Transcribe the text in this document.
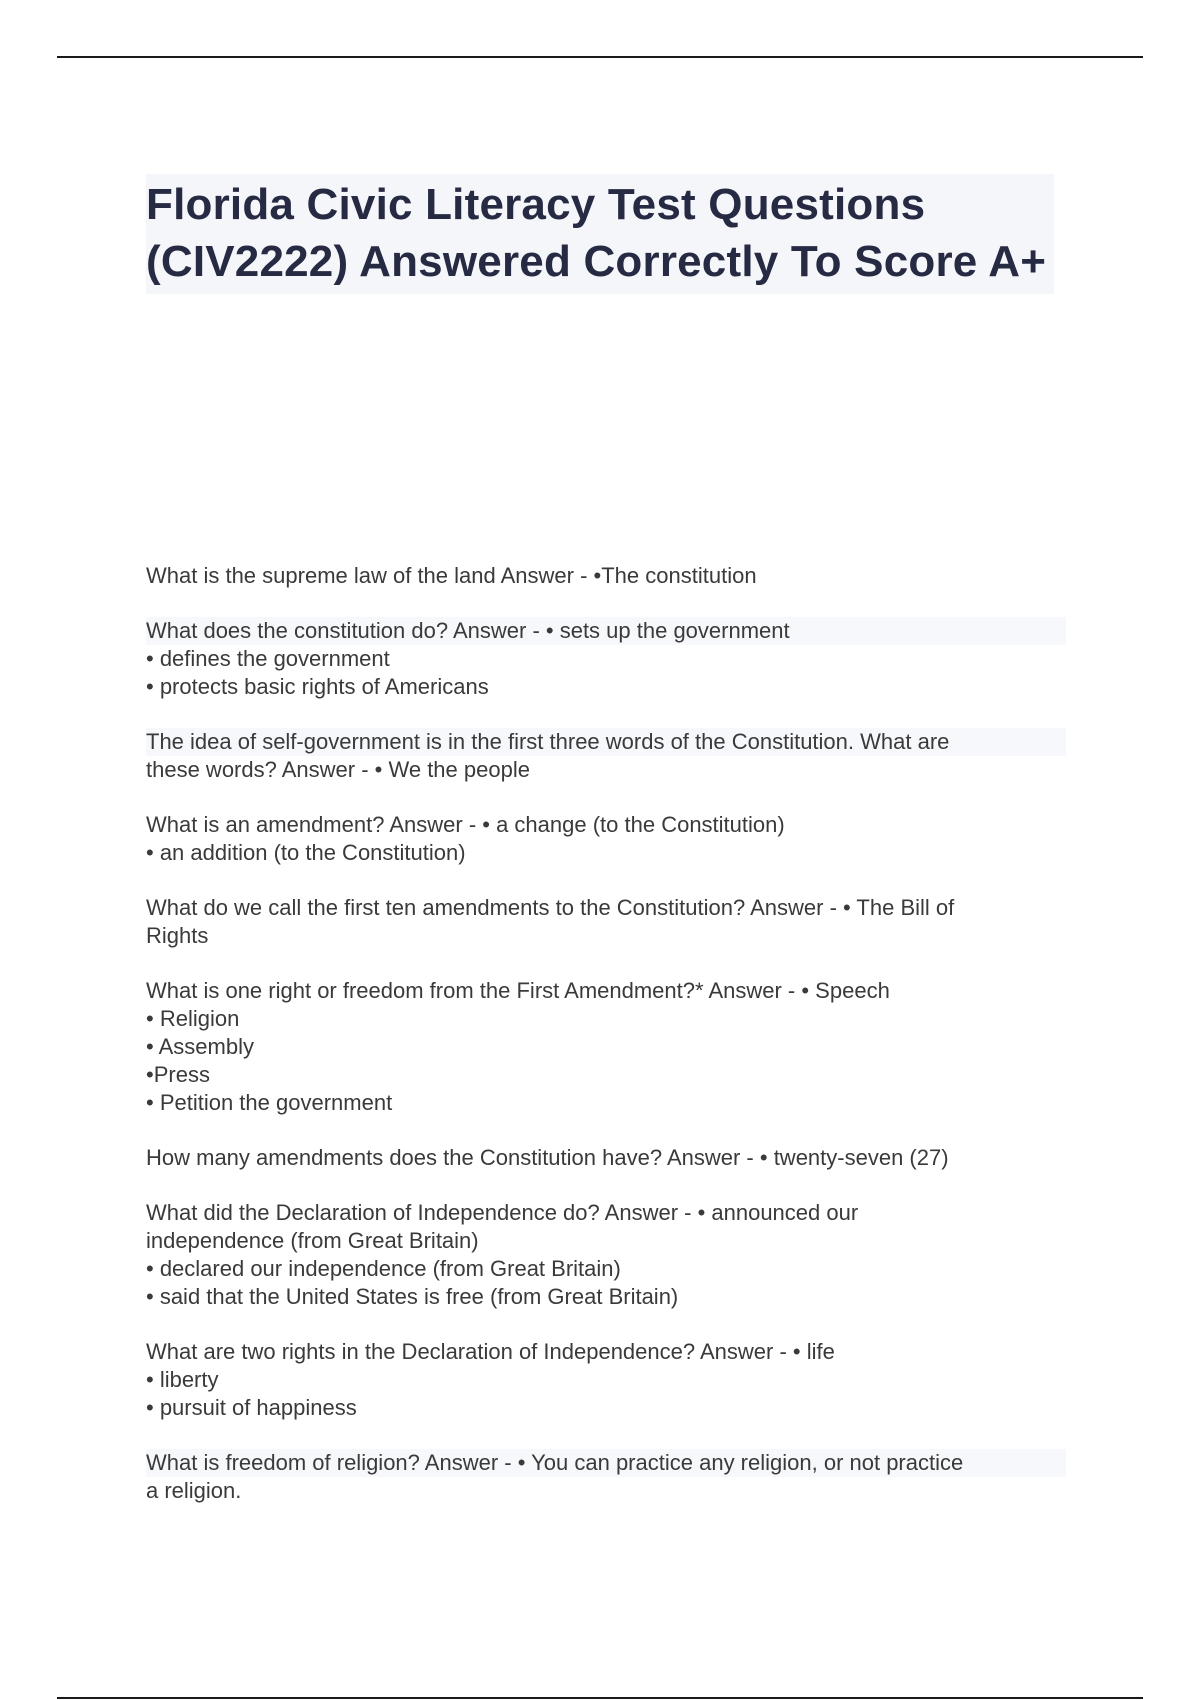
Florida Civic Literacy Test Questions (CIV2222) Answered Correctly To Score A+
What is the supreme law of the land Answer - •The constitution
What does the constitution do? Answer - • sets up the government
• defines the government
• protects basic rights of Americans
The idea of self-government is in the first three words of the Constitution. What are
these words? Answer - • We the people
What is an amendment? Answer - • a change (to the Constitution)
• an addition (to the Constitution)
What do we call the first ten amendments to the Constitution? Answer - • The Bill of
Rights
What is one right or freedom from the First Amendment?* Answer - • Speech
• Religion
• Assembly
•Press
• Petition the government
How many amendments does the Constitution have? Answer - • twenty-seven (27)
What did the Declaration of Independence do? Answer - • announced our
independence (from Great Britain)
• declared our independence (from Great Britain)
• said that the United States is free (from Great Britain)
What are two rights in the Declaration of Independence? Answer - • life
• liberty
• pursuit of happiness
What is freedom of religion? Answer - • You can practice any religion, or not practice
a religion.
